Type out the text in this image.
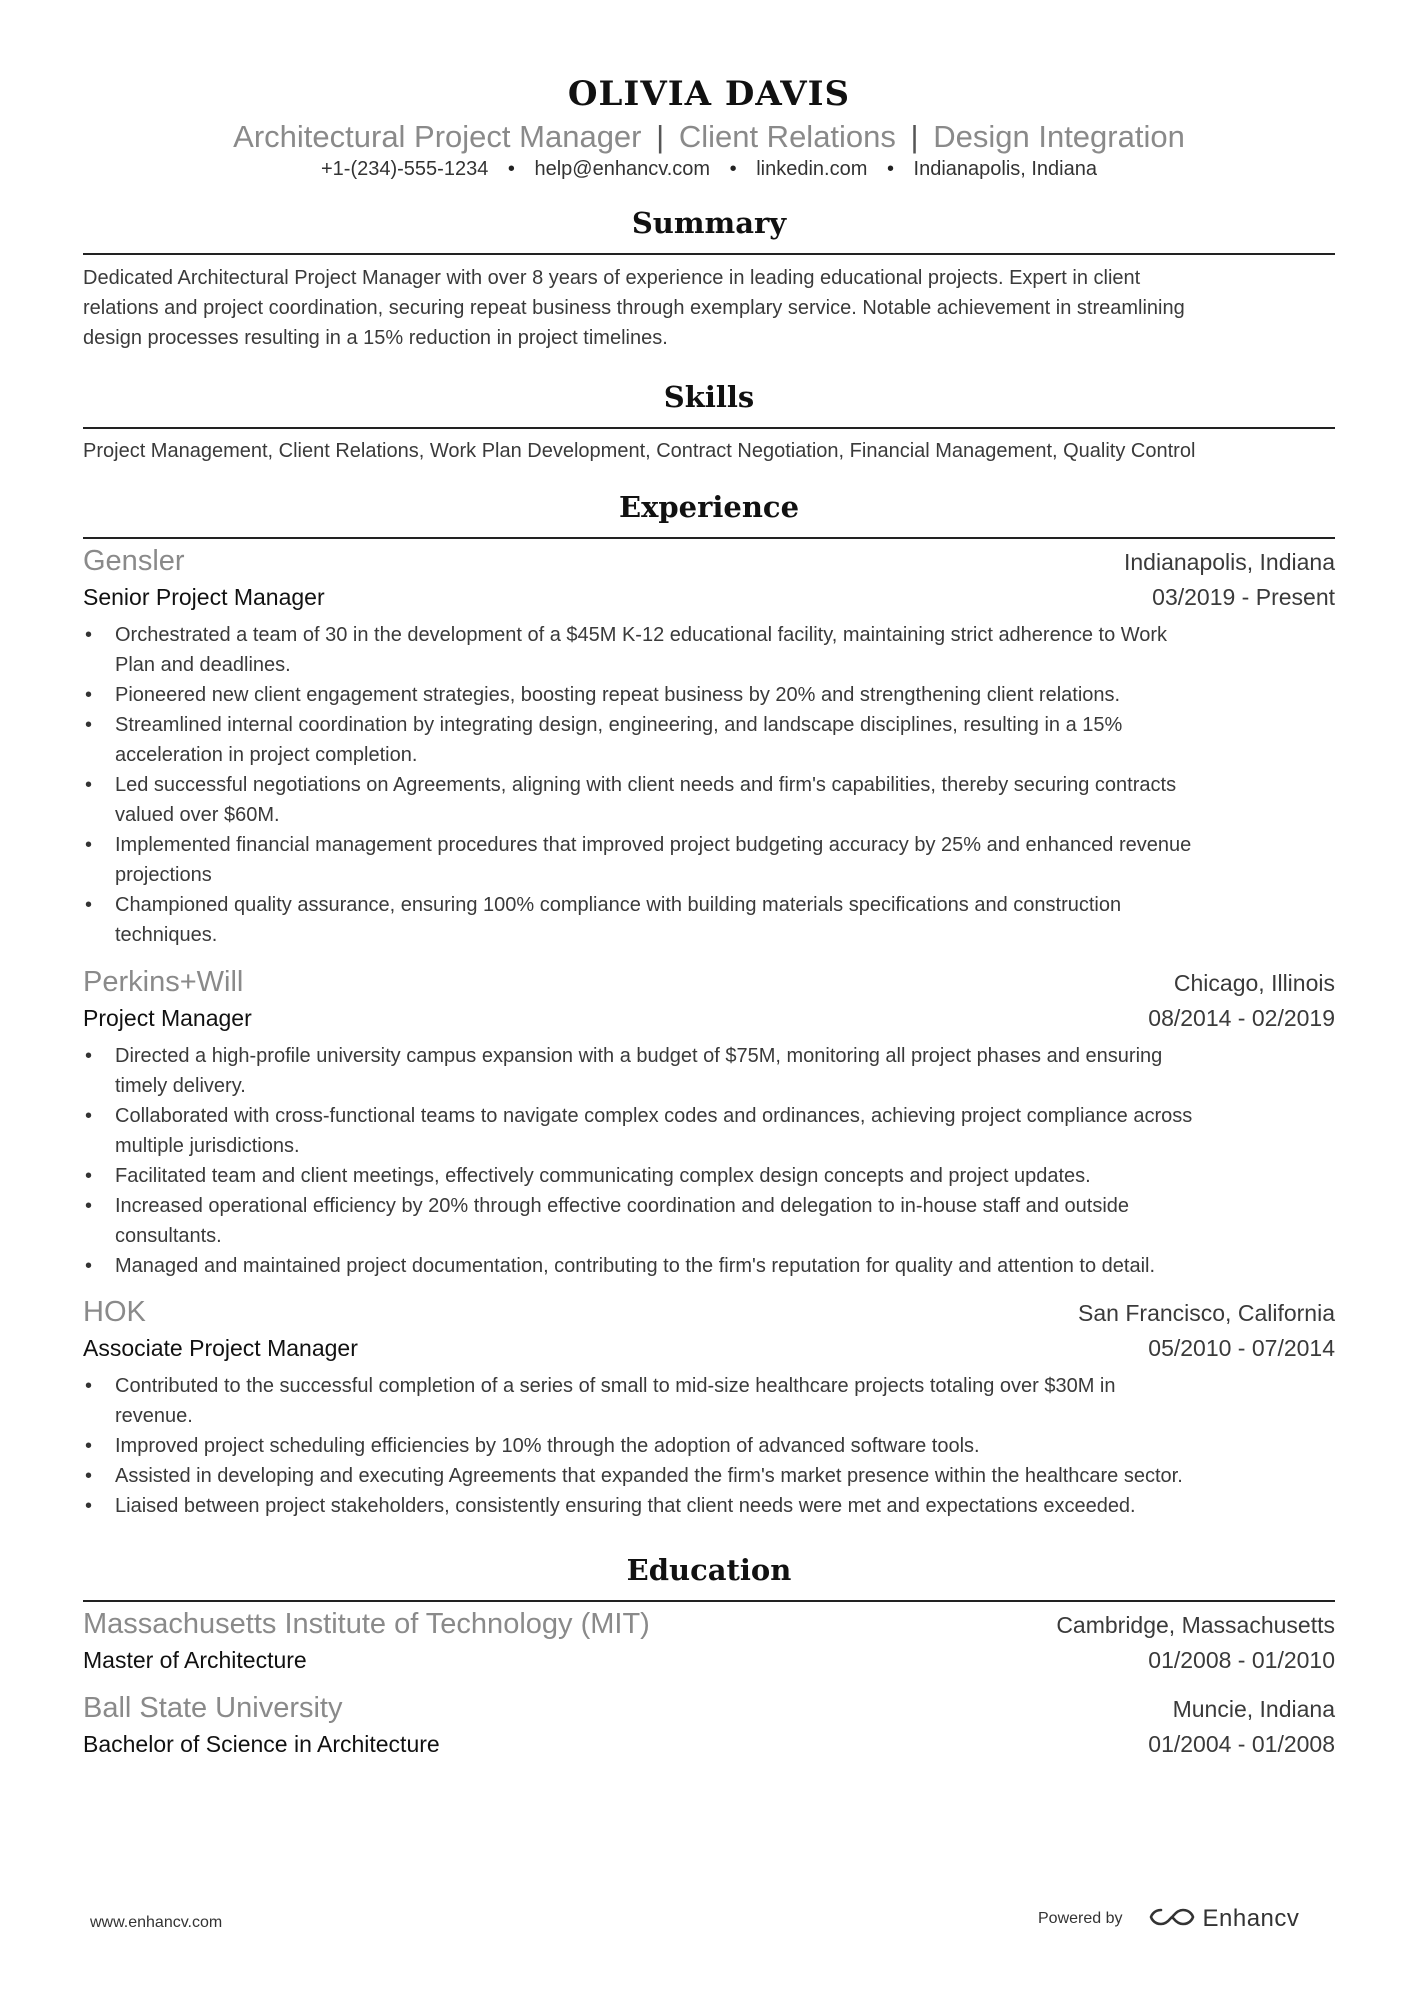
OLIVIA DAVIS
Architectural Project Manager | Client Relations | Design Integration
+1-(234)-555-1234 • help@enhancv.com • linkedin.com • Indianapolis, Indiana
Summary
Dedicated Architectural Project Manager with over 8 years of experience in leading educational projects. Expert in client
relations and project coordination, securing repeat business through exemplary service. Notable achievement in streamlining
design processes resulting in a 15% reduction in project timelines.
Skills
Project Management, Client Relations, Work Plan Development, Contract Negotiation, Financial Management, Quality Control
Experience
Gensler	Indianapolis, Indiana
Senior Project Manager	03/2019 - Present
• Orchestrated a team of 30 in the development of a $45M K-12 educational facility, maintaining strict adherence to Work
Plan and deadlines.
• Pioneered new client engagement strategies, boosting repeat business by 20% and strengthening client relations.
• Streamlined internal coordination by integrating design, engineering, and landscape disciplines, resulting in a 15%
acceleration in project completion.
• Led successful negotiations on Agreements, aligning with client needs and firm's capabilities, thereby securing contracts
valued over $60M.
• Implemented financial management procedures that improved project budgeting accuracy by 25% and enhanced revenue
projections
• Championed quality assurance, ensuring 100% compliance with building materials specifications and construction
techniques.
Perkins+Will	Chicago, Illinois
Project Manager	08/2014 - 02/2019
• Directed a high-profile university campus expansion with a budget of $75M, monitoring all project phases and ensuring
timely delivery.
• Collaborated with cross-functional teams to navigate complex codes and ordinances, achieving project compliance across
multiple jurisdictions.
• Facilitated team and client meetings, effectively communicating complex design concepts and project updates.
• Increased operational efficiency by 20% through effective coordination and delegation to in-house staff and outside
consultants.
• Managed and maintained project documentation, contributing to the firm's reputation for quality and attention to detail.
HOK	San Francisco, California
Associate Project Manager	05/2010 - 07/2014
• Contributed to the successful completion of a series of small to mid-size healthcare projects totaling over $30M in
revenue.
• Improved project scheduling efficiencies by 10% through the adoption of advanced software tools.
• Assisted in developing and executing Agreements that expanded the firm's market presence within the healthcare sector.
• Liaised between project stakeholders, consistently ensuring that client needs were met and expectations exceeded.
Education
Massachusetts Institute of Technology (MIT)	Cambridge, Massachusetts
Master of Architecture	01/2008 - 01/2010
Ball State University	Muncie, Indiana
Bachelor of Science in Architecture	01/2004 - 01/2008
www.enhancv.com	Powered by	Enhancv
